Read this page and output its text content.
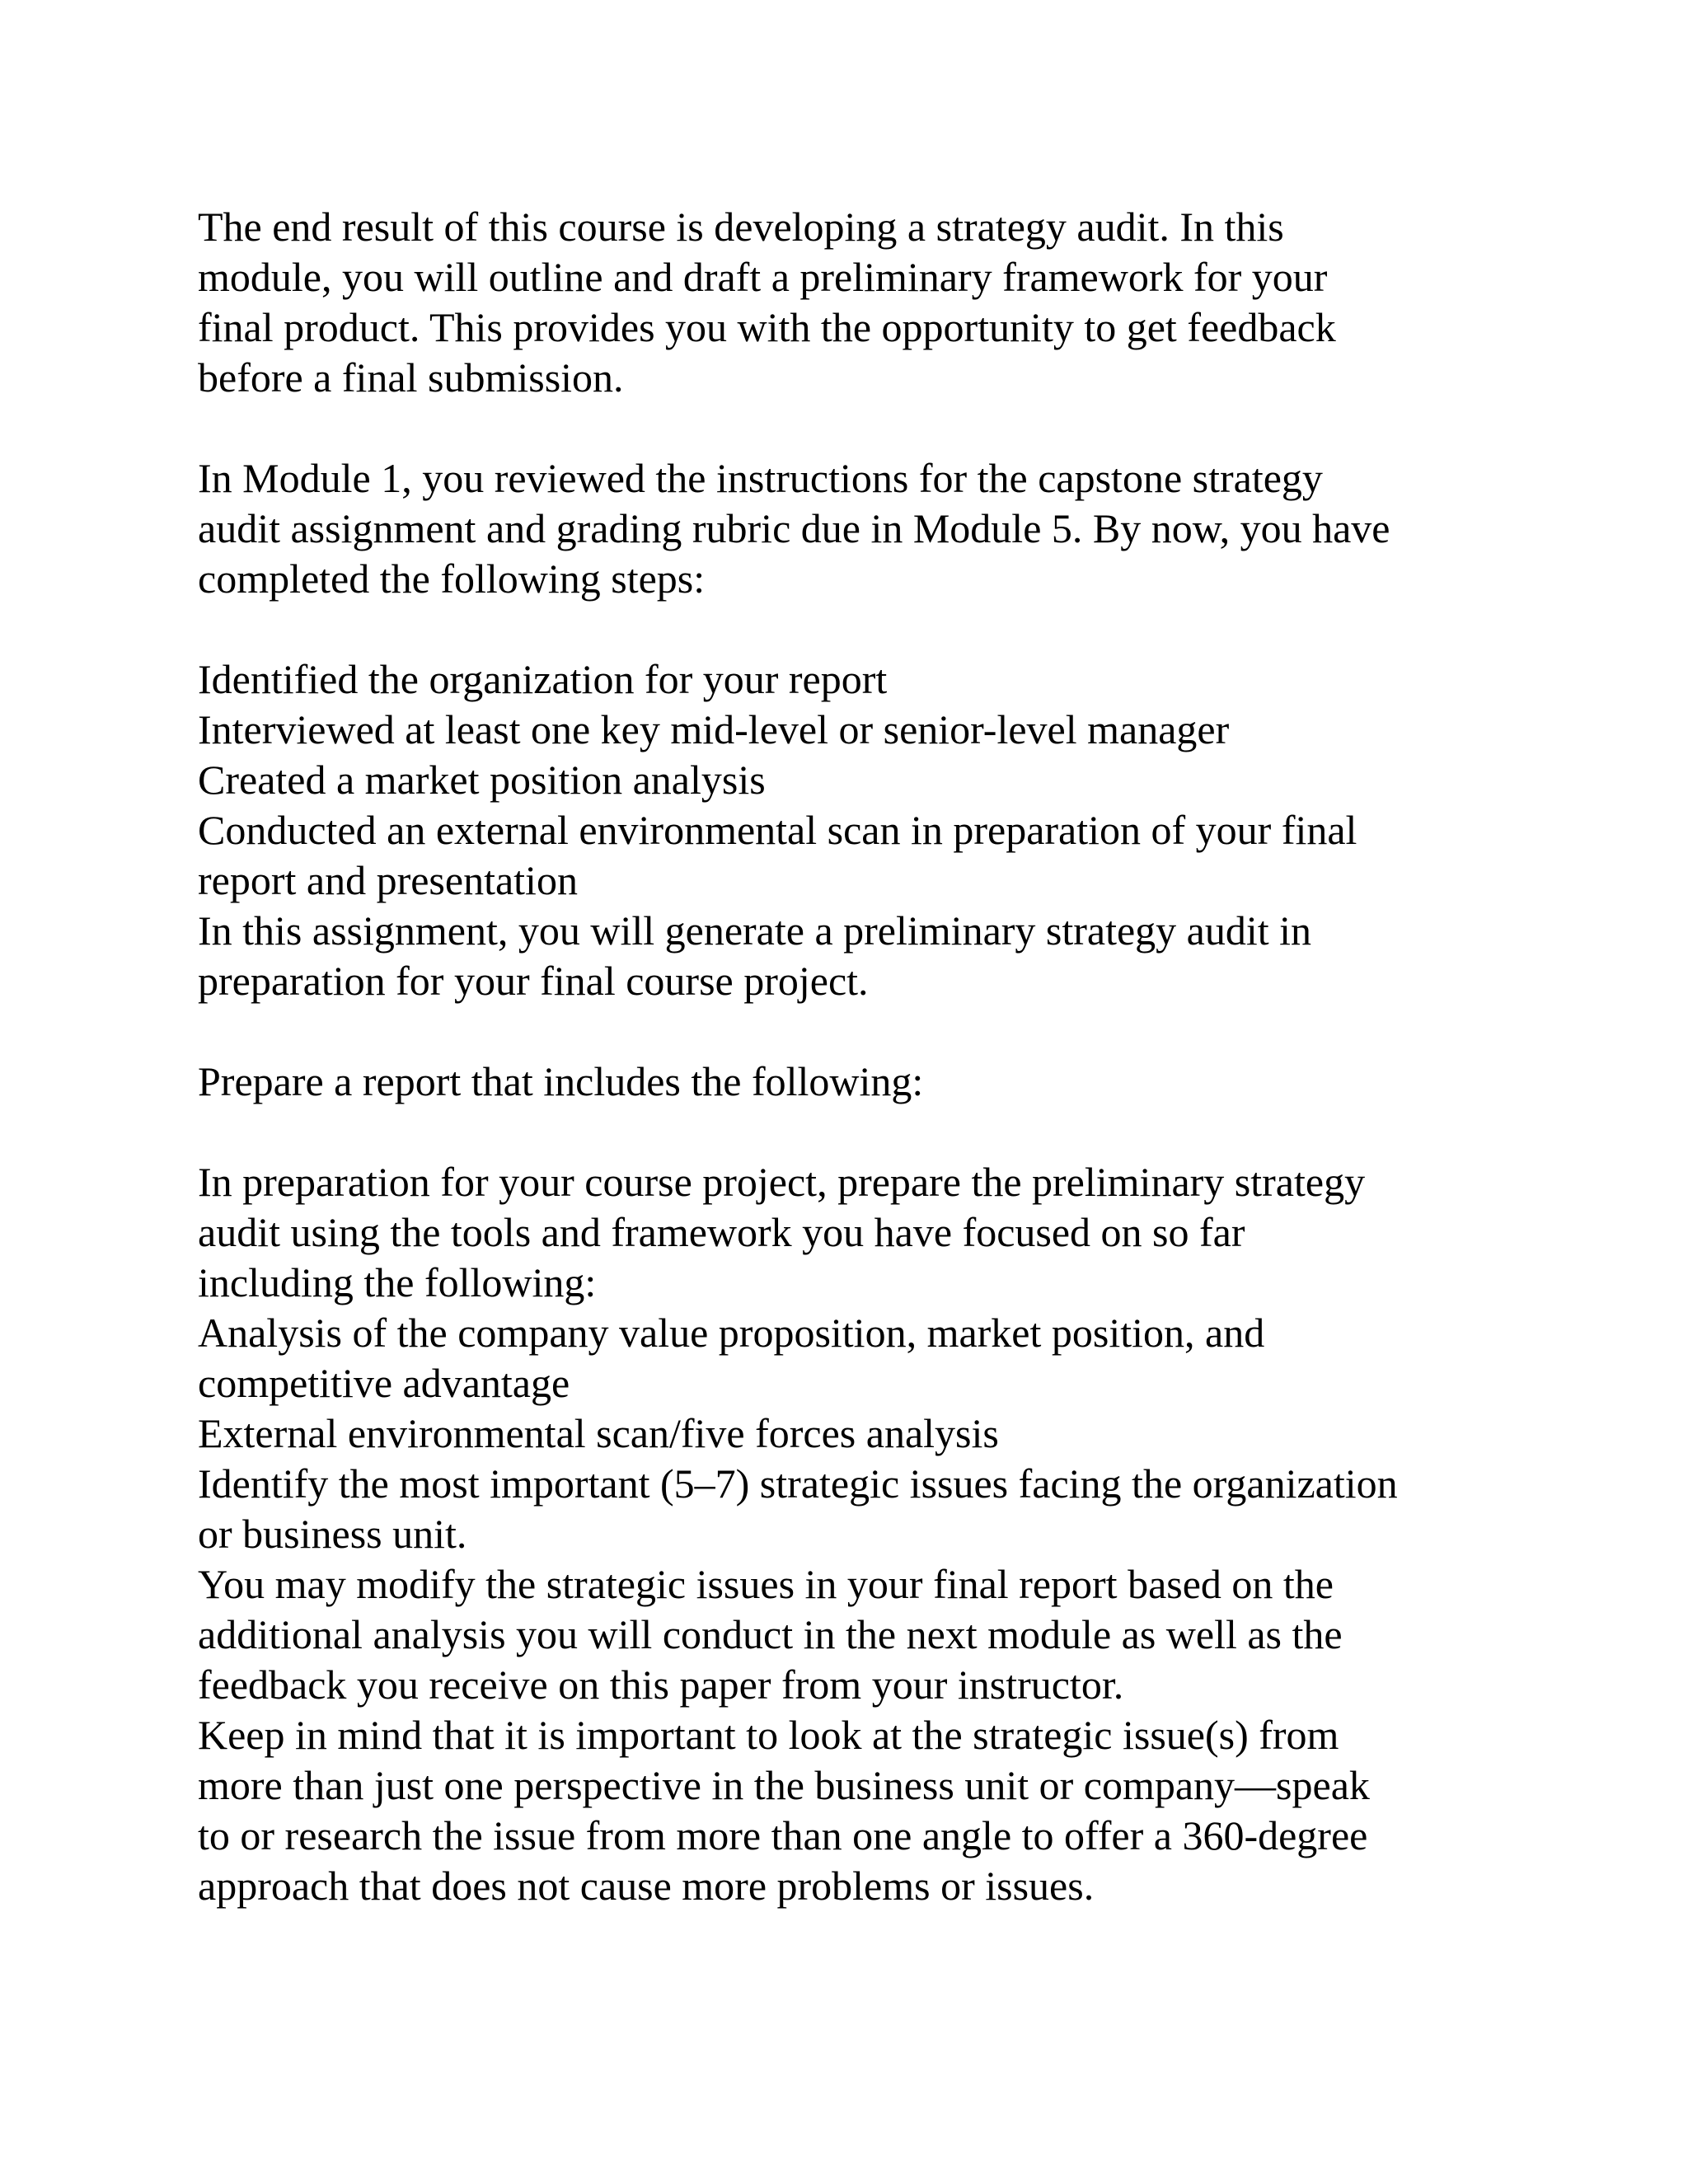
The end result of this course is developing a strategy audit. In this
module, you will outline and draft a preliminary framework for your
final product. This provides you with the opportunity to get feedback
before a final submission.

In Module 1, you reviewed the instructions for the capstone strategy
audit assignment and grading rubric due in Module 5. By now, you have
completed the following steps:

Identified the organization for your report
Interviewed at least one key mid-level or senior-level manager
Created a market position analysis
Conducted an external environmental scan in preparation of your final
report and presentation
In this assignment, you will generate a preliminary strategy audit in
preparation for your final course project.

Prepare a report that includes the following:

In preparation for your course project, prepare the preliminary strategy
audit using the tools and framework you have focused on so far
including the following:
Analysis of the company value proposition, market position, and
competitive advantage
External environmental scan/five forces analysis
Identify the most important (5–7) strategic issues facing the organization
or business unit.
You may modify the strategic issues in your final report based on the
additional analysis you will conduct in the next module as well as the
feedback you receive on this paper from your instructor.
Keep in mind that it is important to look at the strategic issue(s) from
more than just one perspective in the business unit or company—speak
to or research the issue from more than one angle to offer a 360-degree
approach that does not cause more problems or issues.
